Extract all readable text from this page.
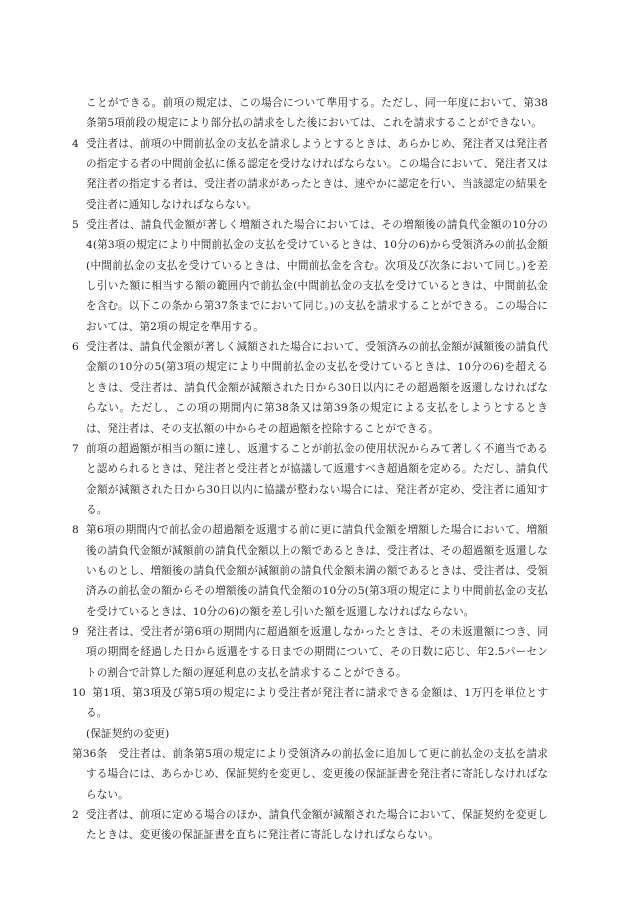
ことができる。前項の規定は、この場合について準用する。ただし、同一年度において、第38条第5項前段の規定により部分払の請求をした後においては、これを請求することができない。

4 受注者は、前項の中間前払金の支払を請求しようとするときは、あらかじめ、発注者又は発注者の指定する者の中間前金払に係る認定を受けなければならない。この場合において、発注者又は発注者の指定する者は、受注者の請求があったときは、速やかに認定を行い、当該認定の結果を受注者に通知しなければならない。

5 受注者は、請負代金額が著しく増額された場合においては、その増額後の請負代金額の10分の4(第3項の規定により中間前払金の支払を受けているときは、10分の6)から受領済みの前払金額(中間前払金の支払を受けているときは、中間前払金を含む。次項及び次条において同じ。)を差し引いた額に相当する額の範囲内で前払金(中間前払金の支払を受けているときは、中間前払金を含む。以下この条から第37条までにおいて同じ。)の支払を請求することができる。この場合においては、第2項の規定を準用する。

6 受注者は、請負代金額が著しく減額された場合において、受領済みの前払金額が減額後の請負代金額の10分の5(第3項の規定により中間前払金の支払を受けているときは、10分の6)を超えるときは、受注者は、請負代金額が減額された日から30日以内にその超過額を返還しなければならない。ただし、この項の期間内に第38条又は第39条の規定による支払をしようとするときは、発注者は、その支払額の中からその超過額を控除することができる。

7 前項の超過額が相当の額に達し、返還することが前払金の使用状況からみて著しく不適当であると認められるときは、発注者と受注者とが協議して返還すべき超過額を定める。ただし、請負代金額が減額された日から30日以内に協議が整わない場合には、発注者が定め、受注者に通知する。

8 第6項の期間内で前払金の超過額を返還する前に更に請負代金額を増額した場合において、増額後の請負代金額が減額前の請負代金額以上の額であるときは、受注者は、その超過額を返還しないものとし、増額後の請負代金額が減額前の請負代金額未満の額であるときは、受注者は、受領済みの前払金の額からその増額後の請負代金額の10分の5(第3項の規定により中間前払金の支払を受けているときは、10分の6)の額を差し引いた額を返還しなければならない。

9 発注者は、受注者が第6項の期間内に超過額を返還しなかったときは、その未返還額につき、同項の期間を経過した日から返還をする日までの期間について、その日数に応じ、年2.5パーセントの割合で計算した額の遅延利息の支払を請求することができる。

10 第1項、第3項及び第5項の規定により受注者が発注者に請求できる金額は、1万円を単位とする。

(保証契約の変更)

第36条　 受注者は、前条第5項の規定により受領済みの前払金に追加して更に前払金の支払を請求する場合には、あらかじめ、保証契約を変更し、変更後の保証証書を発注者に寄託しなければならない。

2 受注者は、前項に定める場合のほか、請負代金額が減額された場合において、保証契約を変更したときは、変更後の保証証書を直ちに発注者に寄託しなければならない。
